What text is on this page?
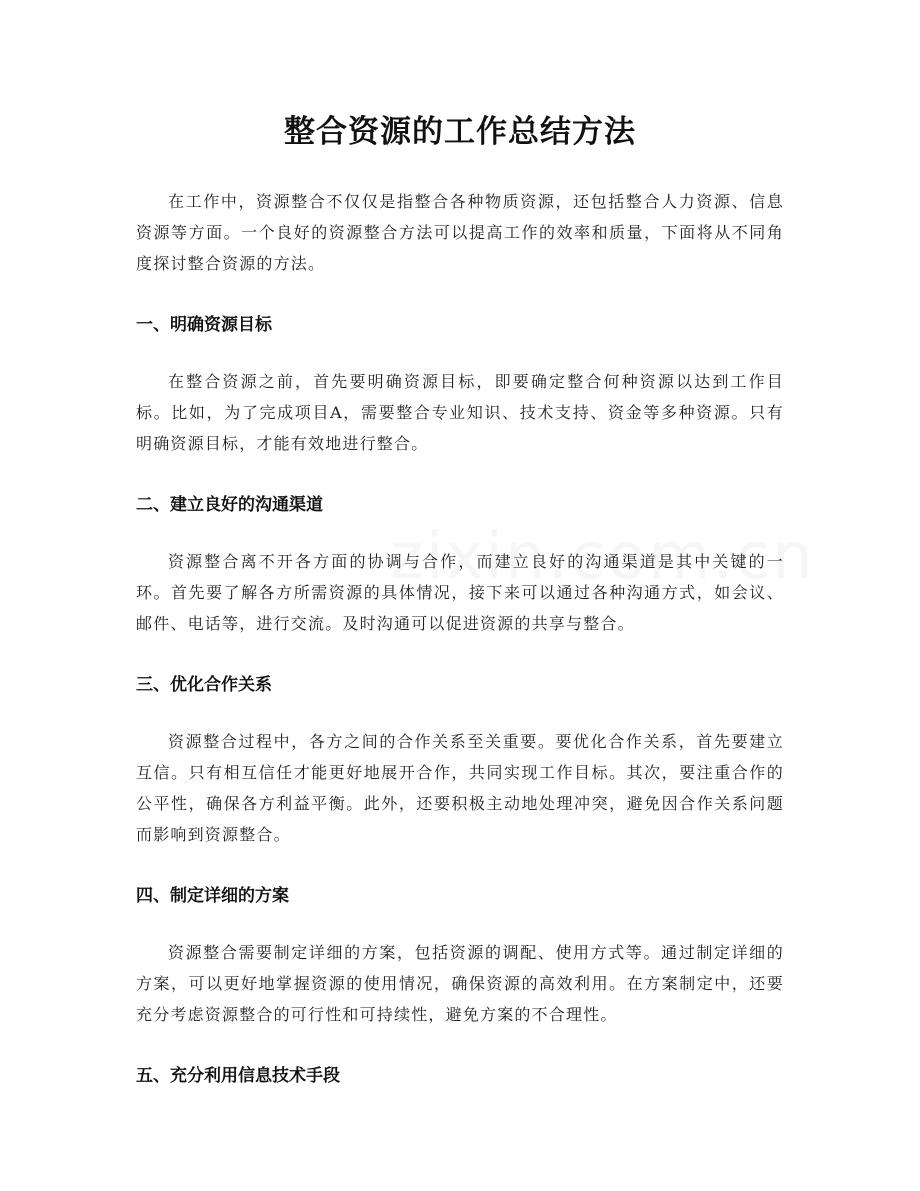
整合资源的工作总结方法

在工作中，资源整合不仅仅是指整合各种物质资源，还包括整合人力资源、信息资源等方面。一个良好的资源整合方法可以提高工作的效率和质量，下面将从不同角度探讨整合资源的方法。

一、明确资源目标

在整合资源之前，首先要明确资源目标，即要确定整合何种资源以达到工作目标。比如，为了完成项目A，需要整合专业知识、技术支持、资金等多种资源。只有明确资源目标，才能有效地进行整合。

二、建立良好的沟通渠道

资源整合离不开各方面的协调与合作，而建立良好的沟通渠道是其中关键的一环。首先要了解各方所需资源的具体情况，接下来可以通过各种沟通方式，如会议、邮件、电话等，进行交流。及时沟通可以促进资源的共享与整合。

三、优化合作关系

资源整合过程中，各方之间的合作关系至关重要。要优化合作关系，首先要建立互信。只有相互信任才能更好地展开合作，共同实现工作目标。其次，要注重合作的公平性，确保各方利益平衡。此外，还要积极主动地处理冲突，避免因合作关系问题而影响到资源整合。

四、制定详细的方案

资源整合需要制定详细的方案，包括资源的调配、使用方式等。通过制定详细的方案，可以更好地掌握资源的使用情况，确保资源的高效利用。在方案制定中，还要充分考虑资源整合的可行性和可持续性，避免方案的不合理性。

五、充分利用信息技术手段
